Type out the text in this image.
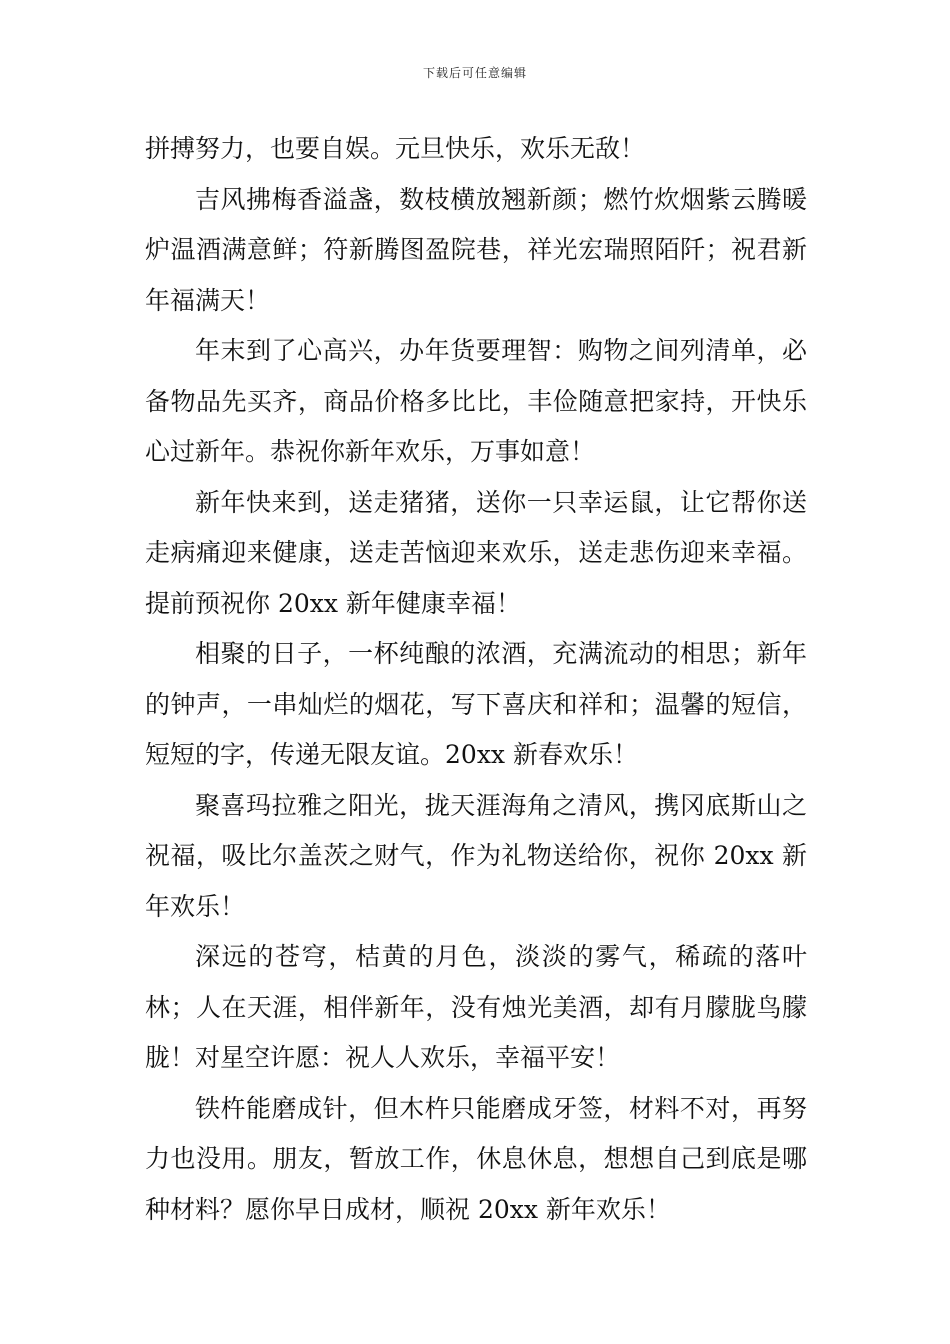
下载后可任意编辑

拼搏努力，也要自娱。元旦快乐，欢乐无敌！

吉风拂梅香溢盏，数枝横放翘新颜；燃竹炊烟紫云腾暖炉温酒满意鲜；符新腾图盈院巷，祥光宏瑞照陌阡；祝君新年福满天！

年末到了心高兴，办年货要理智：购物之间列清单，必备物品先买齐，商品价格多比比，丰俭随意把家持，开快乐心过新年。恭祝你新年欢乐，万事如意！

新年快来到，送走猪猪，送你一只幸运鼠，让它帮你送走病痛迎来健康，送走苦恼迎来欢乐，送走悲伤迎来幸福。提前预祝你 20xx 新年健康幸福！

相聚的日子，一杯纯酿的浓酒，充满流动的相思；新年的钟声，一串灿烂的烟花，写下喜庆和祥和；温馨的短信，短短的字，传递无限友谊。20xx 新春欢乐！

聚喜玛拉雅之阳光，拢天涯海角之清风，携冈底斯山之祝福，吸比尔盖茨之财气，作为礼物送给你，祝你 20xx 新年欢乐！

深远的苍穹，桔黄的月色，淡淡的雾气，稀疏的落叶林；人在天涯，相伴新年，没有烛光美酒，却有月朦胧鸟朦胧！对星空许愿：祝人人欢乐，幸福平安！

铁杵能磨成针，但木杵只能磨成牙签，材料不对，再努力也没用。朋友，暂放工作，休息休息，想想自己到底是哪种材料？愿你早日成材，顺祝 20xx 新年欢乐！
